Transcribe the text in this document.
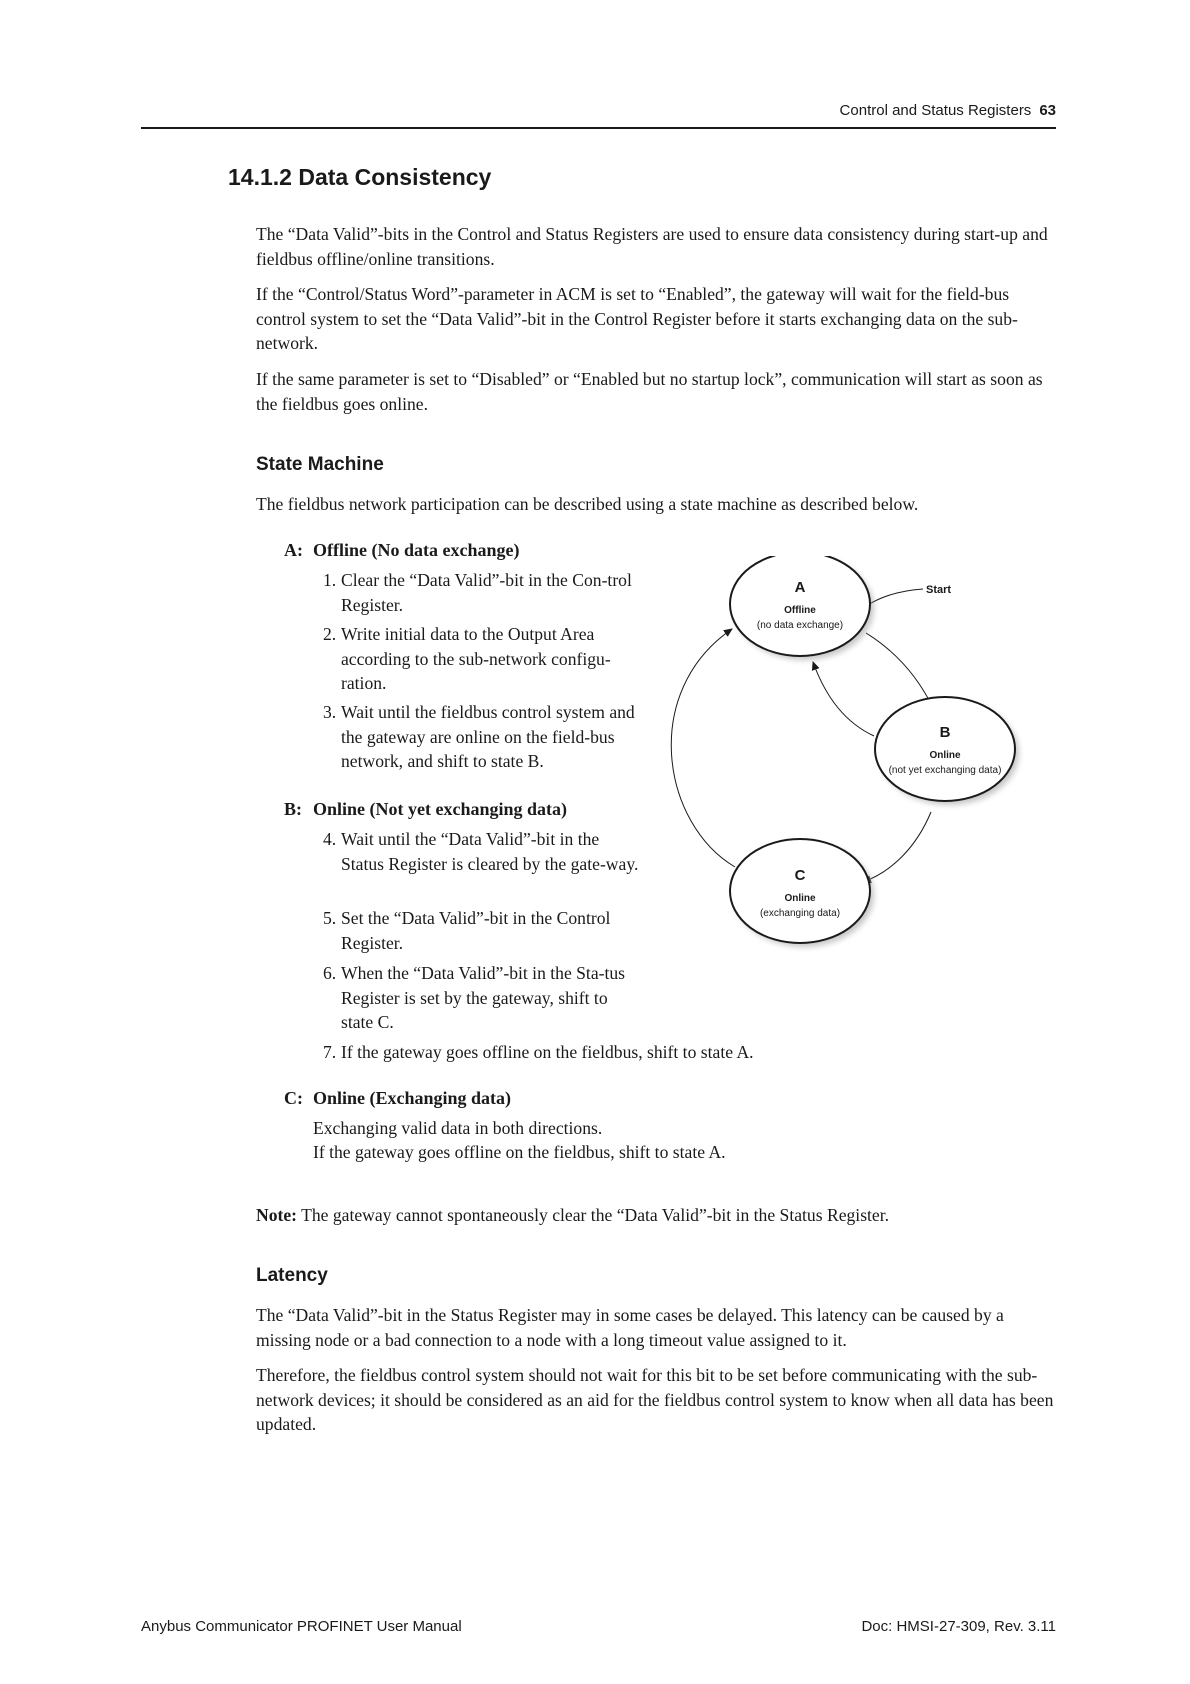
Control and Status Registers 63
14.1.2 Data Consistency

The “Data Valid”-bits in the Control and Status Registers are used to ensure data consistency during start-up and fieldbus offline/online transitions.

If the “Control/Status Word”-parameter in ACM is set to “Enabled”, the gateway will wait for the field-bus control system to set the “Data Valid”-bit in the Control Register before it starts exchanging data on the sub-network.

If the same parameter is set to “Disabled” or “Enabled but no startup lock”, communication will start as soon as the fieldbus goes online.

State Machine

The fieldbus network participation can be described using a state machine as described below.

A: Offline (No data exchange)
1. Clear the “Data Valid”-bit in the Con-trol Register.
2. Write initial data to the Output Area according to the sub-network configu-ration.
3. Wait until the fieldbus control system and the gateway are online on the field-bus network, and shift to state B.
B: Online (Not yet exchanging data)
4. Wait until the “Data Valid”-bit in the Status Register is cleared by the gate-way.
5. Set the “Data Valid”-bit in the Control Register.
6. When the “Data Valid”-bit in the Sta-tus Register is set by the gateway, shift to state C.
7. If the gateway goes offline on the fieldbus, shift to state A.
C: Online (Exchanging data)
Exchanging valid data in both directions.
If the gateway goes offline on the fieldbus, shift to state A.
A
Offline
(no data exchange)
B
Online
(not yet exchanging data)
C
Online
(exchanging data)
Start
Note: The gateway cannot spontaneously clear the “Data Valid”-bit in the Status Register.
Latency

The “Data Valid”-bit in the Status Register may in some cases be delayed. This latency can be caused by a missing node or a bad connection to a node with a long timeout value assigned to it.

Therefore, the fieldbus control system should not wait for this bit to be set before communicating with the sub-network devices; it should be considered as an aid for the fieldbus control system to know when all data has been updated.

Anybus Communicator PROFINET User Manual	Doc: HMSI-27-309, Rev. 3.11
